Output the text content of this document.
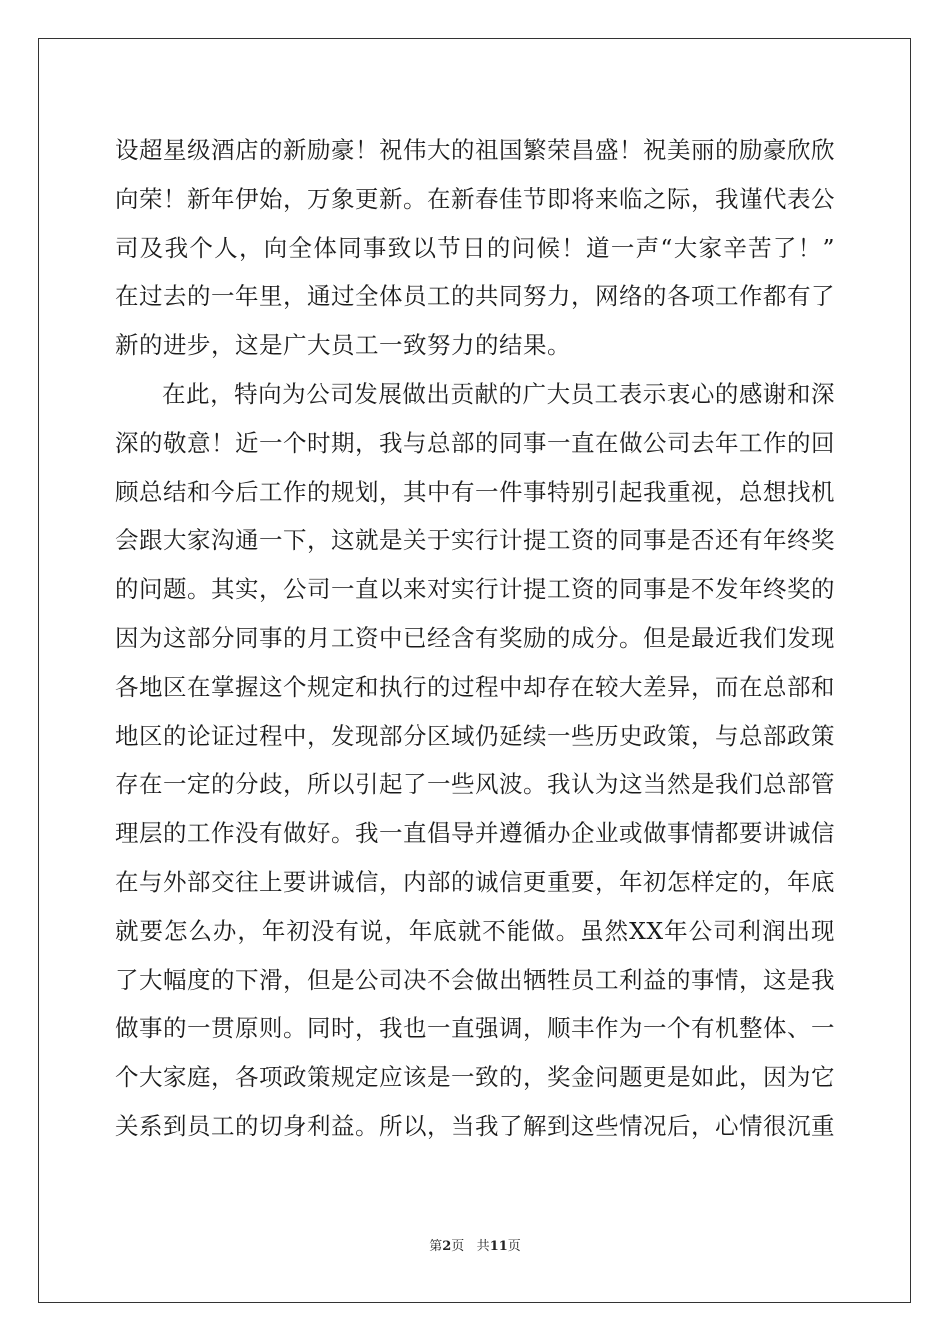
设超星级酒店的新励豪！祝伟大的祖国繁荣昌盛！祝美丽的励豪欣欣
向荣！新年伊始，万象更新。在新春佳节即将来临之际，我谨代表公
司及我个人，向全体同事致以节日的问候！道一声“大家辛苦了！”
在过去的一年里，通过全体员工的共同努力，网络的各项工作都有了
新的进步，这是广大员工一致努力的结果。
在此，特向为公司发展做出贡献的广大员工表示衷心的感谢和深
深的敬意！近一个时期，我与总部的同事一直在做公司去年工作的回
顾总结和今后工作的规划，其中有一件事特别引起我重视，总想找机
会跟大家沟通一下，这就是关于实行计提工资的同事是否还有年终奖
的问题。其实，公司一直以来对实行计提工资的同事是不发年终奖的
因为这部分同事的月工资中已经含有奖励的成分。但是最近我们发现
各地区在掌握这个规定和执行的过程中却存在较大差异，而在总部和
地区的论证过程中，发现部分区域仍延续一些历史政策，与总部政策
存在一定的分歧，所以引起了一些风波。我认为这当然是我们总部管
理层的工作没有做好。我一直倡导并遵循办企业或做事情都要讲诚信
在与外部交往上要讲诚信，内部的诚信更重要，年初怎样定的，年底
就要怎么办，年初没有说，年底就不能做。虽然XX年公司利润出现
了大幅度的下滑，但是公司决不会做出牺牲员工利益的事情，这是我
做事的一贯原则。同时，我也一直强调，顺丰作为一个有机整体、一
个大家庭，各项政策规定应该是一致的，奖金问题更是如此，因为它
关系到员工的切身利益。所以，当我了解到这些情况后，心情很沉重
第2页 共11页
